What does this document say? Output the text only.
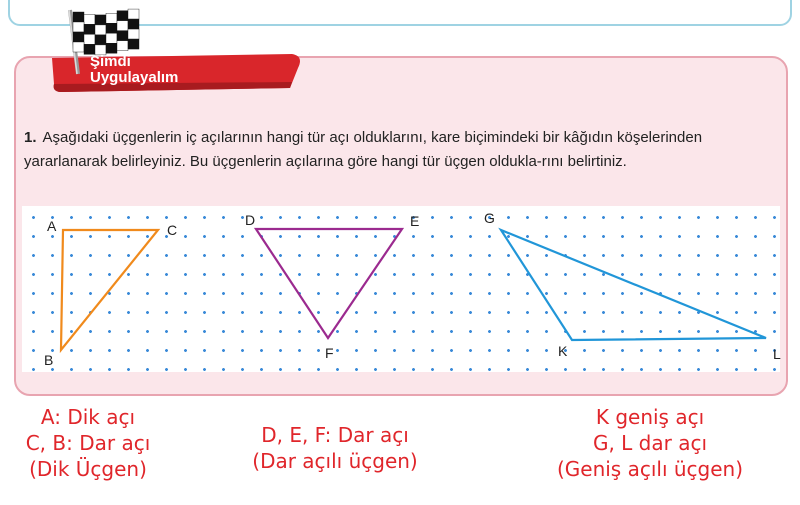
Şimdi
Uygulayalım
1. Aşağıdaki üçgenlerin iç açılarının hangi tür açı olduklarını, kare biçimindeki bir kâğıdın köşelerinden yararlanarak belirleyiniz. Bu üçgenlerin açılarına göre hangi tür üçgen oldukla-rını belirtiniz.
A	C
B
D	E
F
G
K	L
A: Dik açı
C, B: Dar açı
(Dik Üçgen)
D, E, F: Dar açı
(Dar açılı üçgen)
K geniş açı
G, L dar açı
(Geniş açılı üçgen)
